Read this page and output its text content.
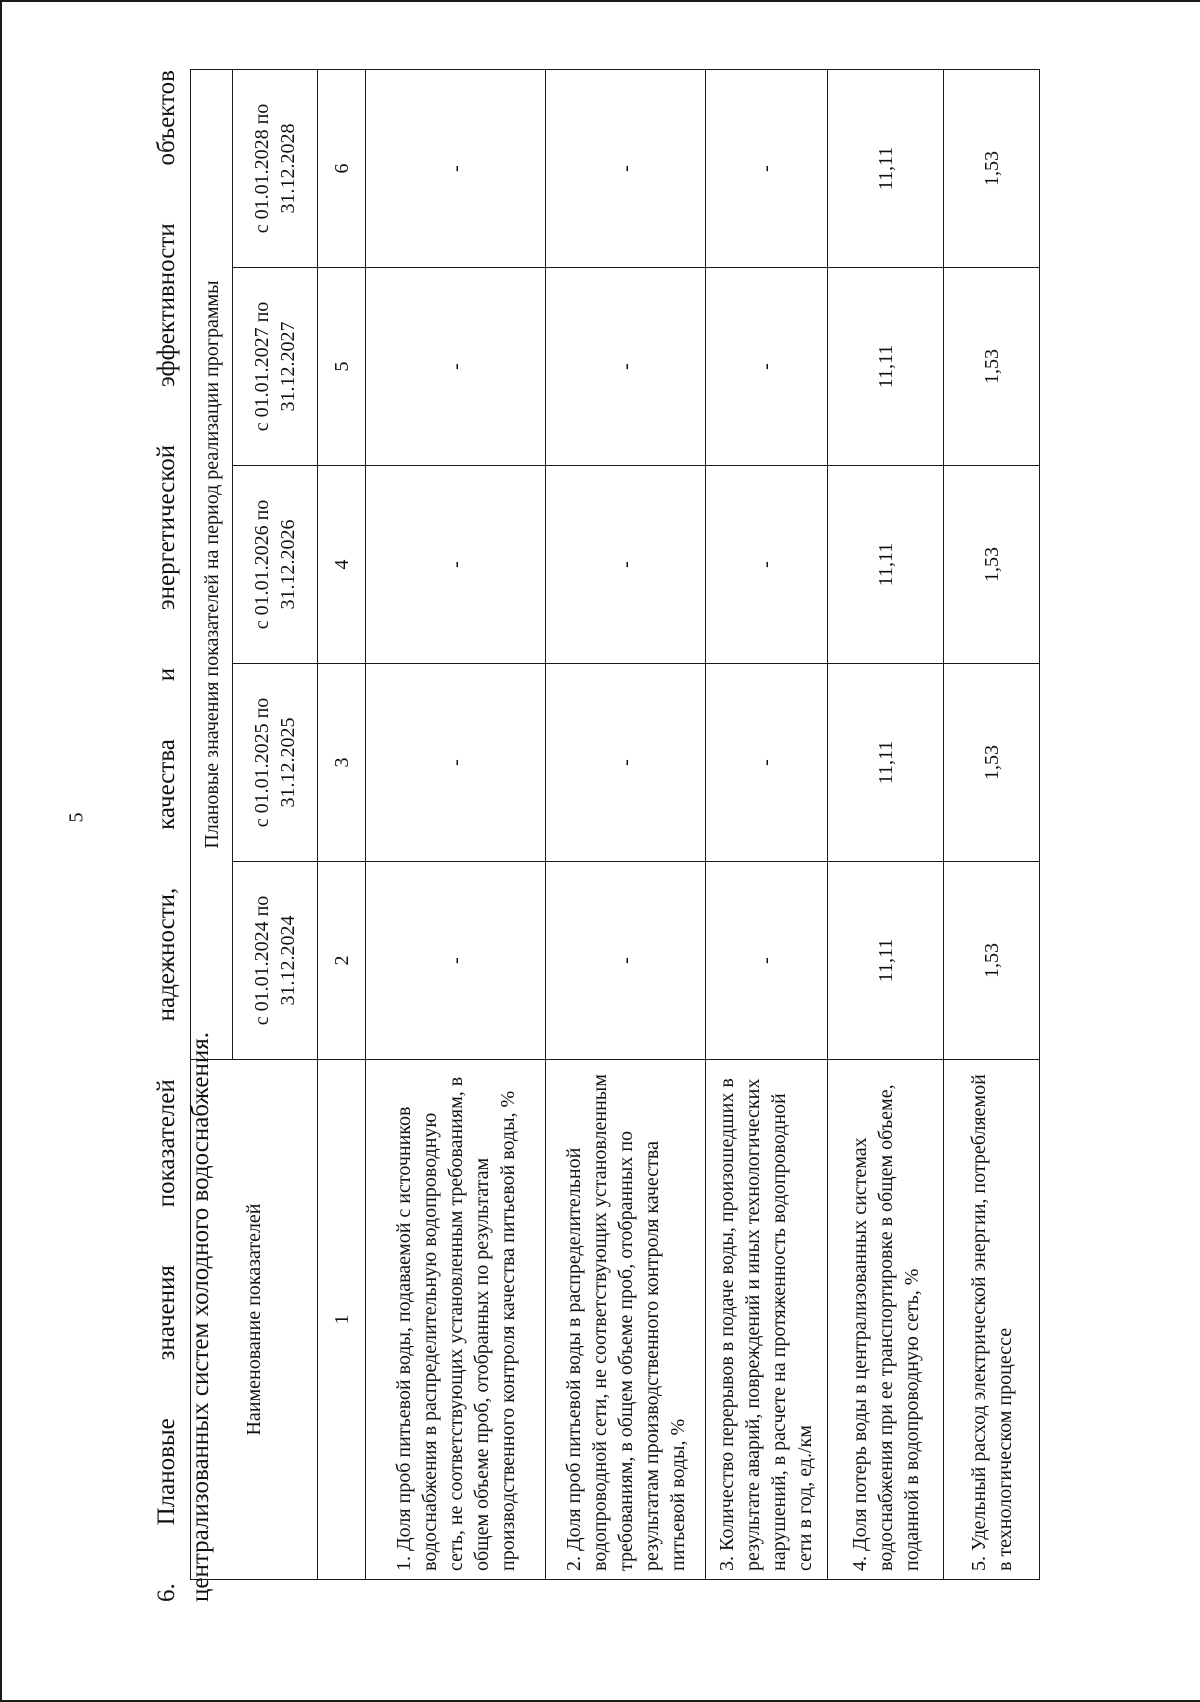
5

6.
Плановые
значения
показателей
надежности,
качества
и
энергетической
эффективности
объектов

Наименование показателей	Плановые значения показателей на период реализации программы				
	с 01.01.2024 по 31.12.2024	с 01.01.2025 по 31.12.2025	с 01.01.2026 по 31.12.2026	с 01.01.2027 по 31.12.2027	с 01.01.2028 по 31.12.2028
1	2	3	4	5	6
1. Доля проб питьевой воды, подаваемой с источников водоснабжения в распределительную водопроводную сеть, не соответствующих установленным требованиям, в общем объеме проб, отобранных по результатам производственного контроля качества питьевой воды, %	-	-	-	-	-
2. Доля проб питьевой воды в распределительной водопроводной сети, не соответствующих установленным требованиям, в общем объеме проб, отобранных по результатам производственного контроля качества питьевой воды, %	-	-	-	-	-
3. Количество перерывов в подаче воды, произошедших в результате аварий, повреждений и иных технологических нарушений, в расчете на протяженность водопроводной сети в год, ед./км	-	-	-	-	-
4. Доля потерь воды в централизованных системах водоснабжения при ее транспортировке в общем объеме, поданной в водопроводную сеть, %	11,11	11,11	11,11	11,11	11,11
5. Удельный расход электрической энергии, потребляемой в технологическом процессе	1,53	1,53	1,53	1,53	1,53

централизованных систем холодного водоснабжения.
